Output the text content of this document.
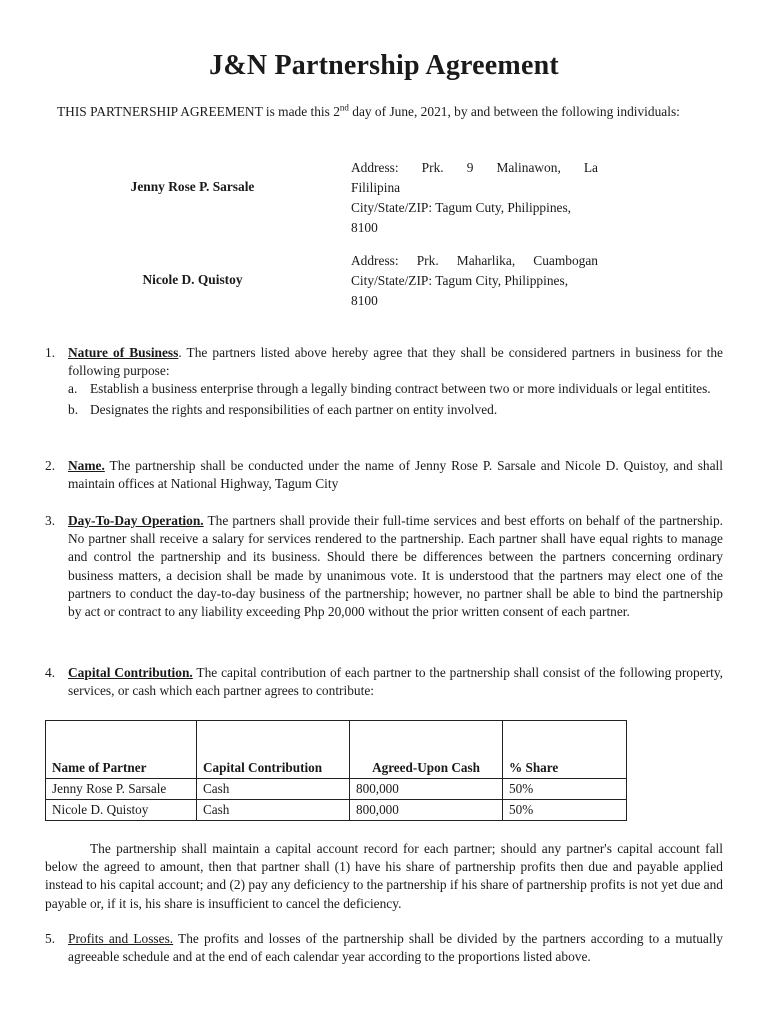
J&N Partnership Agreement
THIS PARTNERSHIP AGREEMENT is made this 2nd day of June, 2021, by and between the following individuals:
Jenny Rose P. Sarsale
Address: Prk. 9 Malinawon, La
Fililipina
City/State/ZIP: Tagum Cuty, Philippines,
8100
Nicole D. Quistoy
Address: Prk. Maharlika, Cuambogan
City/State/ZIP: Tagum City, Philippines,
8100
1. Nature of Business. The partners listed above hereby agree that they shall be considered partners in business for the following purpose:
a. Establish a business enterprise through a legally binding contract between two or more individuals or legal entitites.
b. Designates the rights and responsibilities of each partner on entity involved.
2. Name. The partnership shall be conducted under the name of Jenny Rose P. Sarsale and Nicole D. Quistoy, and shall maintain offices at National Highway, Tagum City
3. Day-To-Day Operation. The partners shall provide their full-time services and best efforts on behalf of the partnership. No partner shall receive a salary for services rendered to the partnership. Each partner shall have equal rights to manage and control the partnership and its business. Should there be differences between the partners concerning ordinary business matters, a decision shall be made by unanimous vote. It is understood that the partners may elect one of the partners to conduct the day-to-day business of the partnership; however, no partner shall be able to bind the partnership by act or contract to any liability exceeding Php 20,000 without the prior written consent of each partner.
4. Capital Contribution. The capital contribution of each partner to the partnership shall consist of the following property, services, or cash which each partner agrees to contribute:
Name of Partner	Capital Contribution	Agreed-Upon Cash	% Share
Jenny Rose P. Sarsale	Cash	800,000	50%
Nicole D. Quistoy	Cash	800,000	50%
The partnership shall maintain a capital account record for each partner; should any partner's capital account fall below the agreed to amount, then that partner shall (1) have his share of partnership profits then due and payable applied instead to his capital account; and (2) pay any deficiency to the partnership if his share of partnership profits is not yet due and payable or, if it is, his share is insufficient to cancel the deficiency.
5. Profits and Losses. The profits and losses of the partnership shall be divided by the partners according to a mutually agreeable schedule and at the end of each calendar year according to the proportions listed above.
